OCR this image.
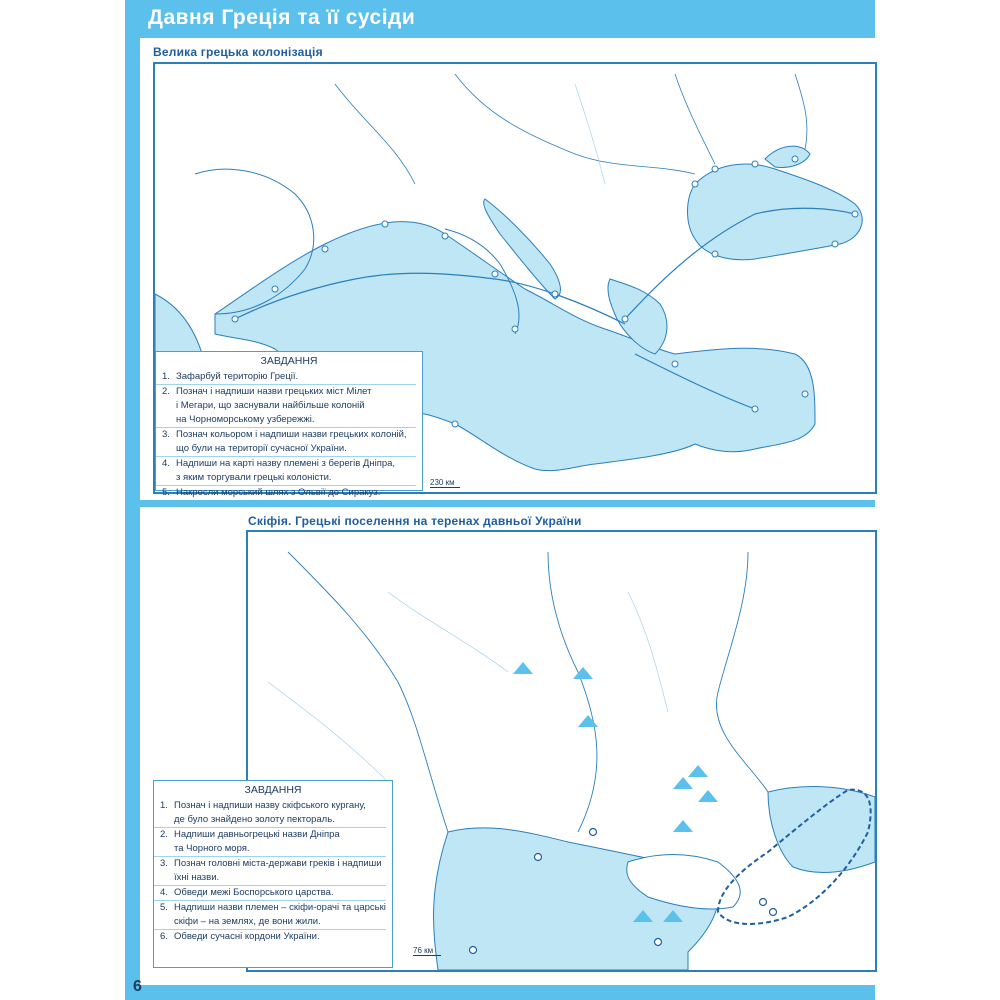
Давня Греція та її сусіди
Велика грецька колонізація
ЗАВДАННЯ
1. Зафарбуй територію Греції.
2. Познач і надпиши назви грецьких міст Мілет
і Мегари, що заснували найбільше колоній
на Чорноморському узбережжі.
3. Познач кольором і надпиши назви грецьких колоній,
що були на території сучасної України.
4. Надпиши на карті назву племені з берегів Дніпра,
з яким торгували грецькі колоністи.
5. Накресли морський шлях з Ольвії до Сиракуз.
230 км
Скіфія. Грецькі поселення на теренах давньої України
ЗАВДАННЯ
1. Познач і надпиши назву скіфського кургану,
де було знайдено золоту пектораль.
2. Надпиши давньогрецькі назви Дніпра
та Чорного моря.
3. Познач головні міста-держави греків і надпиши
їхні назви.
4. Обведи межі Боспорського царства.
5. Надпиши назви племен – скіфи-орачі та царські
скіфи – на землях, де вони жили.
6. Обведи сучасні кордони України.
76 км
6
